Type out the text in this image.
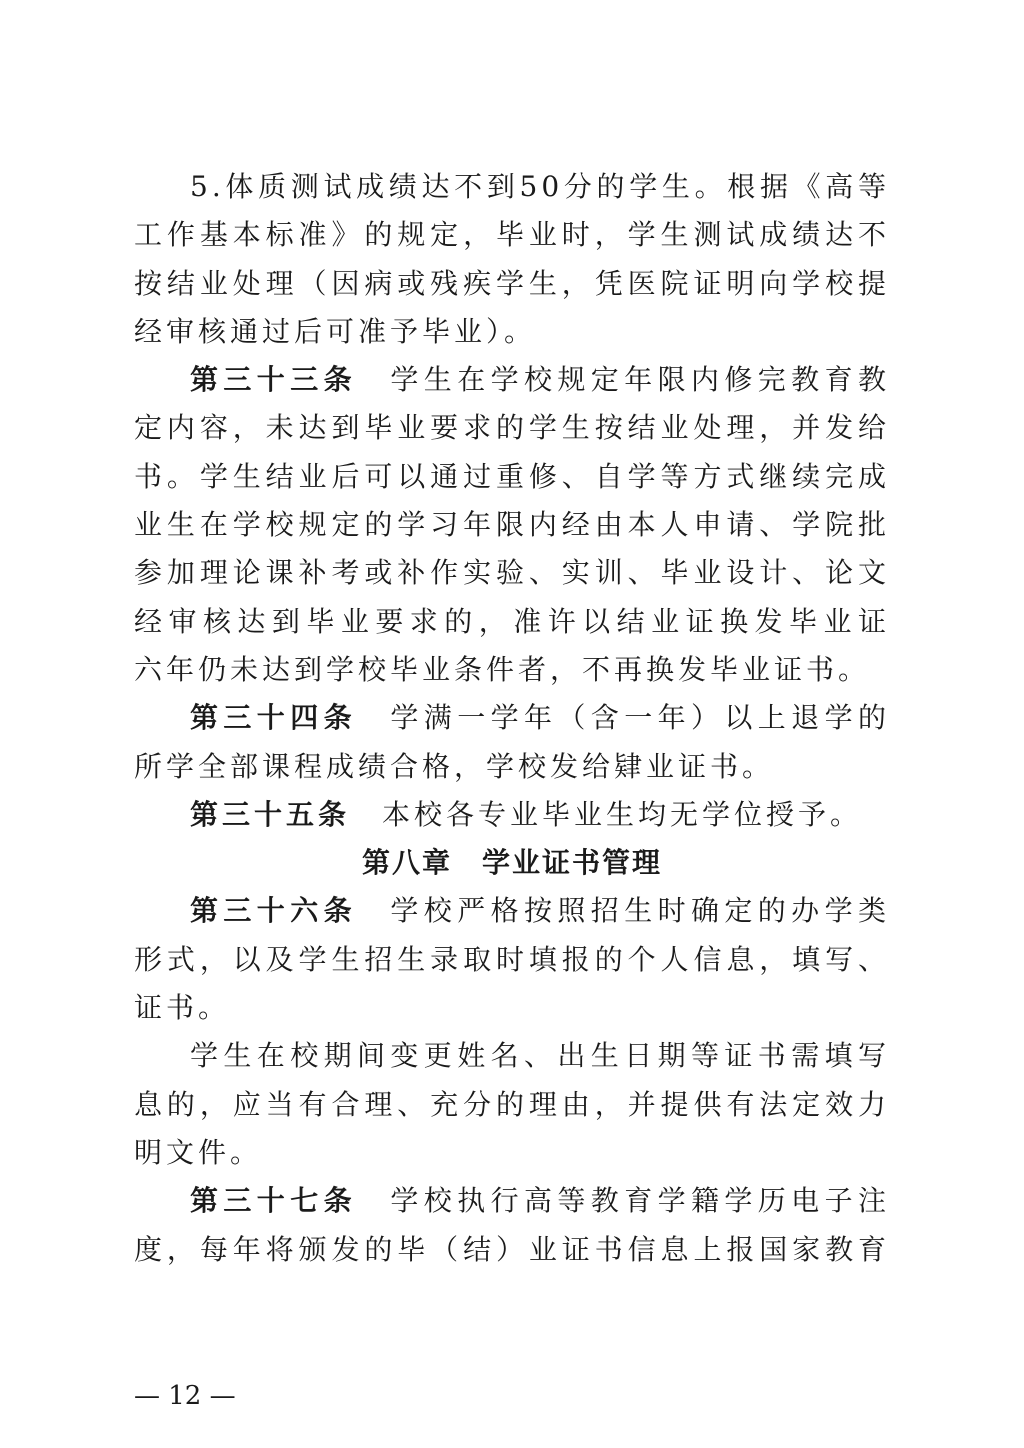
5.体质测试成绩达不到50分的学生。根据《高等
工作基本标准》的规定，毕业时，学生测试成绩达不
按结业处理（因病或残疾学生，凭医院证明向学校提
经审核通过后可准予毕业）。
第三十三条　 学生在学校规定年限内修完教育教
定内容，未达到毕业要求的学生按结业处理，并发给
书。学生结业后可以通过重修、自学等方式继续完成
业生在学校规定的学习年限内经由本人申请、学院批
参加理论课补考或补作实验、实训、毕业设计、论文
经审核达到毕业要求的，准许以结业证换发毕业证
六年仍未达到学校毕业条件者，不再换发毕业证书。
第三十四条　 学满一学年（含一年）以上退学的
所学全部课程成绩合格，学校发给肄业证书。
第三十五条　 本校各专业毕业生均无学位授予。
第八章　学业证书管理
第三十六条　 学校严格按照招生时确定的办学类
形式，以及学生招生录取时填报的个人信息，填写、
证书。
学生在校期间变更姓名、出生日期等证书需填写
息的，应当有合理、充分的理由，并提供有法定效力
明文件。
第三十七条　 学校执行高等教育学籍学历电子注
度，每年将颁发的毕（结）业证书信息上报国家教育
— 12 —
